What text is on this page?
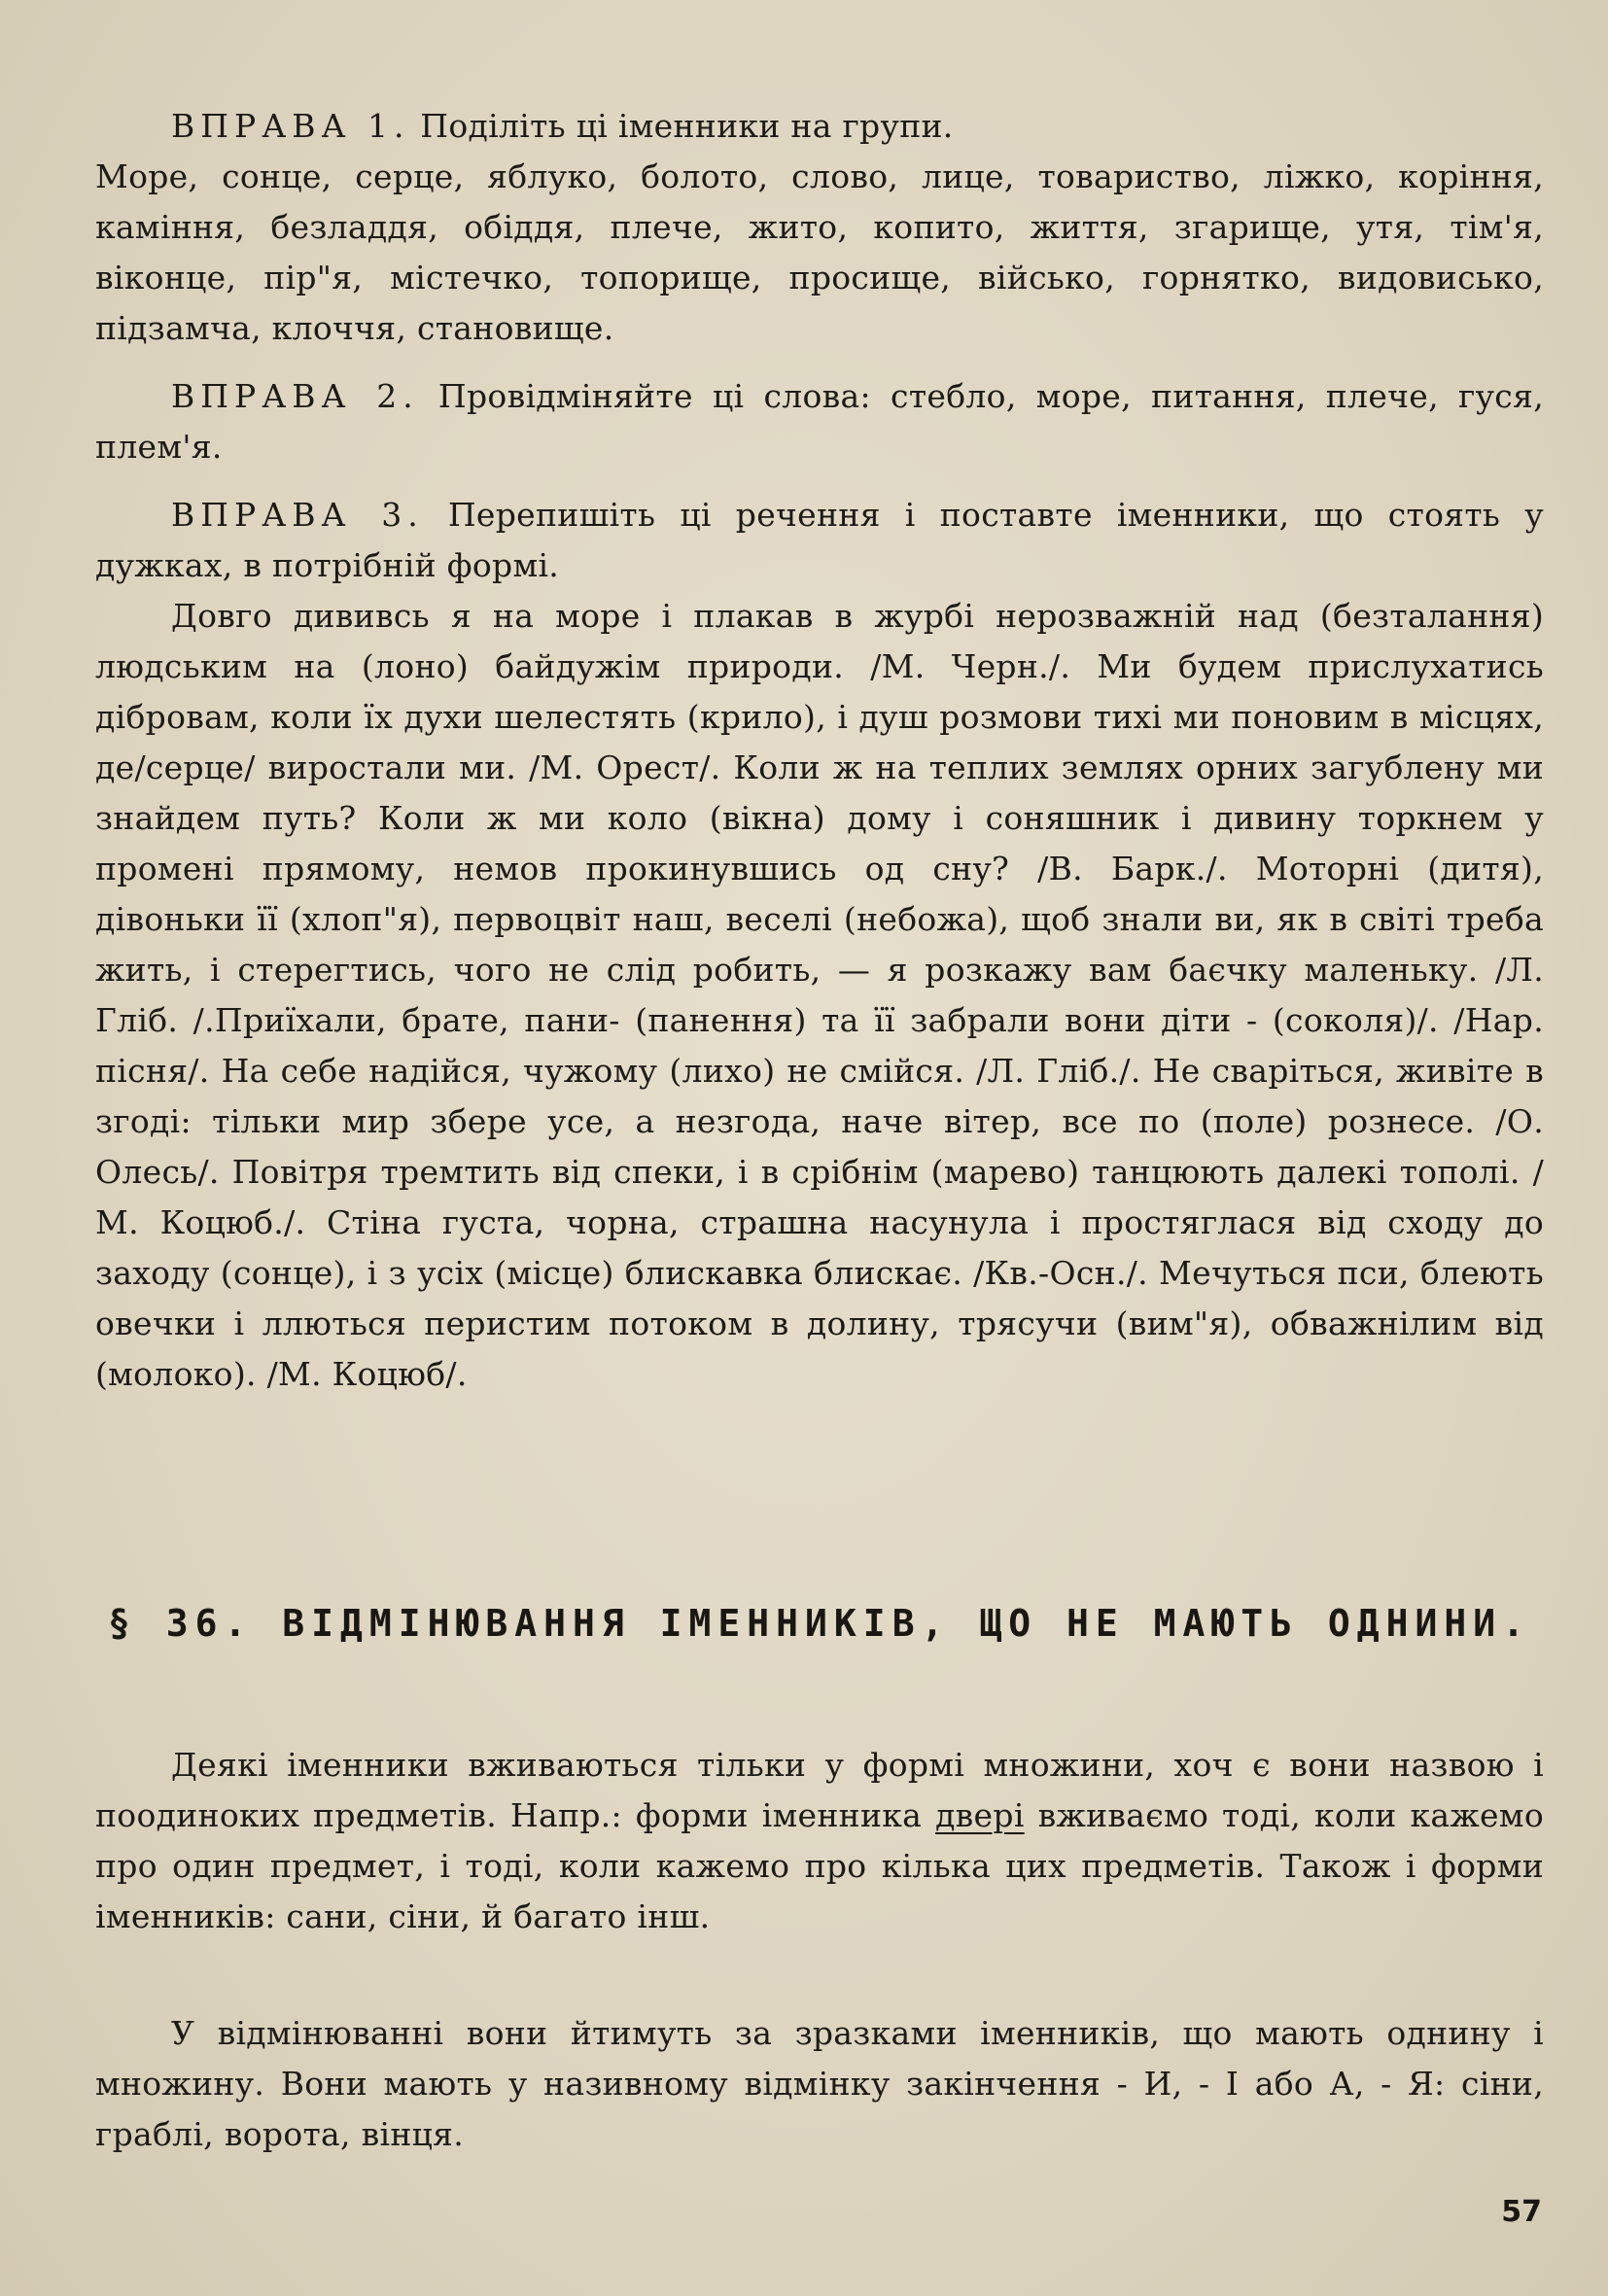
ВПРАВА 1. Поділіть ці іменники на групи.

Море, сонце, серце, яблуко, болото, слово, лице, товариство, ліжко, коріння, каміння, безладдя, обіддя, плече, жито, копито, життя, згарище, утя, тім'я, віконце, пір"я, містечко, топорище, просище, військо, горнятко, видовисько, підзамча, клоччя, становище.

ВПРАВА 2. Провідміняйте ці слова: стебло, море, питання, плече, гуся, плем'я.

ВПРАВА 3. Перепишіть ці речення і поставте іменники, що стоять у дужках, в потрібній формі.

Довго дививсь я на море і плакав в журбі нерозважній над (безталання) людським на (лоно) байдужім природи. /М. Черн./. Ми будем прислухатись дібровам, коли їх духи шелестять (крило), і душ розмови тихі ми поновим в місцях, де/серце/ виростали ми. /М. Орест/. Коли ж на теплих землях орних загублену ми знайдем путь? Коли ж ми коло (вікна) дому і соняшник і дивину торкнем у промені прямому, немов прокинувшись од сну? /В. Барк./. Моторні (дитя), дівоньки її (хлоп"я), первоцвіт наш, веселі (небожа), щоб знали ви, як в світі треба жить, і стерегтись, чого не слід робить, — я розкажу вам баєчку маленьку. /Л. Гліб. /.Приїхали, брате, пани- (панення) та її забрали вони діти - (соколя)/. /Нар. пісня/. На себе надійся, чужому (лихо) не смійся. /Л. Гліб./. Не сваріться, живіте в згоді: тільки мир збере усе, а незгода, наче вітер, все по (поле) рознесе. /О. Олесь/. Повітря тремтить від спеки, і в срібнім (марево) танцюють далекі тополі. /М. Коцюб./. Стіна густа, чорна, страшна насунула і простяглася від сходу до заходу (сонце), і з усіх (місце) блискавка блискає. /Кв.-Осн./. Мечуться пси, блеють овечки і ллються перистим потоком в долину, трясучи (вим"я), обважнілим від (молоко). /М. Коцюб/.

§ 36. ВІДМІНЮВАННЯ ІМЕННИКІВ, ЩО НЕ МАЮТЬ ОДНИНИ.

Деякі іменники вживаються тільки у формі множини, хоч є вони назвою і поодиноких предметів. Напр.: форми іменника двері вживаємо тоді, коли кажемо про один предмет, і тоді, коли кажемо про кілька цих предметів. Також і форми іменників: сани, сіни, й багато інш.

У відмінюванні вони йтимуть за зразками іменників, що мають однину і множину. Вони мають у називному відмінку закінчення - И, - І або А, - Я: сіни, граблі, ворота, вінця.

57
